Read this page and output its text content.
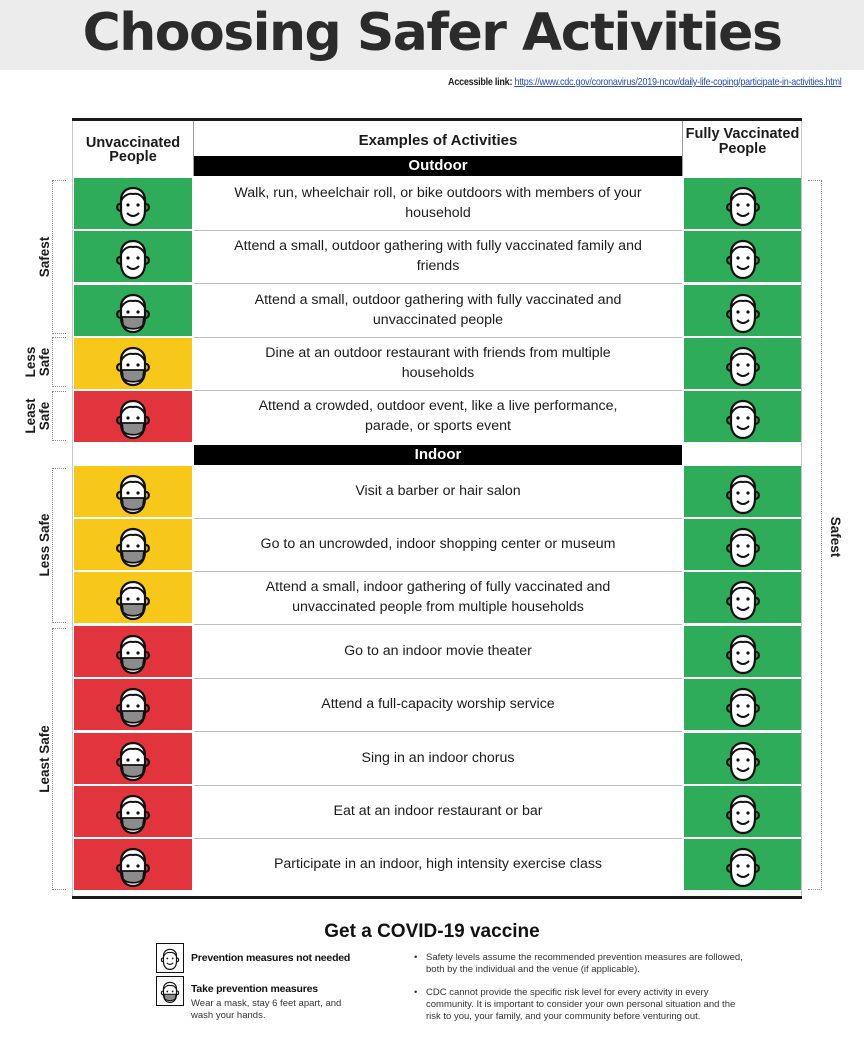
Choosing Safer Activities
Accessible link: https://www.cdc.gov/coronavirus/2019-ncov/daily-life-coping/participate-in-activities.html
Unvaccinated People
Examples of Activities	Fully Vaccinated People
Outdoor
Indoor
Walk, run, wheelchair roll, or bike outdoors with members of your household
Attend a small, outdoor gathering with fully vaccinated family and friends
Attend a small, outdoor gathering with fully vaccinated and unvaccinated people
Dine at an outdoor restaurant with friends from multiple households
Attend a crowded, outdoor event, like a live performance, parade, or sports event
Visit a barber or hair salon
Go to an uncrowded, indoor shopping center or museum
Attend a small, indoor gathering of fully vaccinated and unvaccinated people from multiple households
Go to an indoor movie theater
Attend a full-capacity worship service
Sing in an indoor chorus
Eat at an indoor restaurant or bar
Participate in an indoor, high intensity exercise class
Safest
Less Safe
Least Safe
Less Safe
Least Safe
Safest
Get a COVID-19 vaccine
Prevention measures not needed
Take prevention measures
Wear a mask, stay 6 feet apart, and wash your hands.
• Safety levels assume the recommended prevention measures are followed, both by the individual and the venue (if applicable).
• CDC cannot provide the specific risk level for every activity in every community. It is important to consider your own personal situation and the risk to you, your family, and your community before venturing out.
